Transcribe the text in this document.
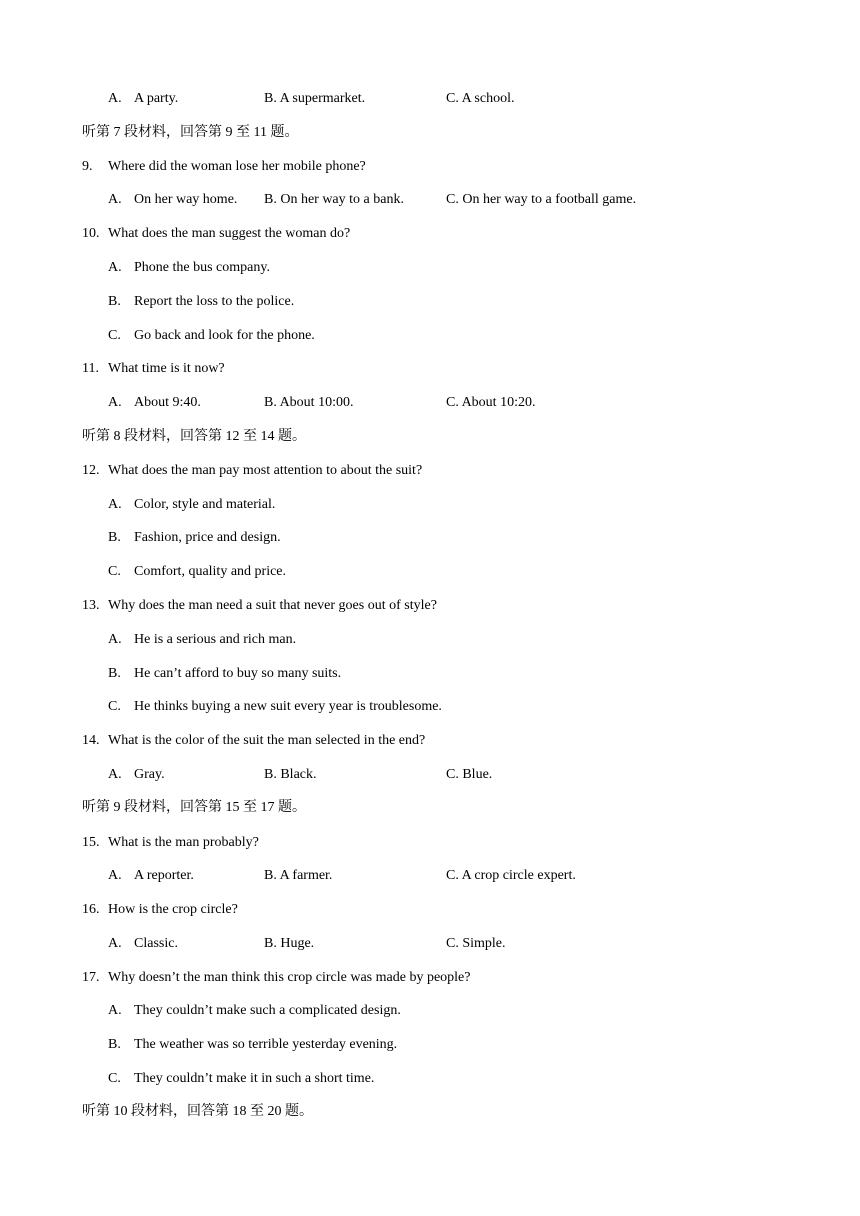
A. A party.	B. A supermarket.	C. A school.
听第 7 段材料，回答第 9 至 11 题。
9. Where did the woman lose her mobile phone?
A. On her way home. B. On her way to a bank.	C. On her way to a football game.
10. What does the man suggest the woman do?
A. Phone the bus company.
B. Report the loss to the police.
C. Go back and look for the phone.
11. What time is it now?
A. About 9:40.	B. About 10:00.	C. About 10:20.
听第 8 段材料，回答第 12 至 14 题。
12. What does the man pay most attention to about the suit?
A. Color, style and material.
B. Fashion, price and design.
C. Comfort, quality and price.
13. Why does the man need a suit that never goes out of style?
A. He is a serious and rich man.
B. He can’t afford to buy so many suits.
C. He thinks buying a new suit every year is troublesome.
14. What is the color of the suit the man selected in the end?
A. Gray.	B. Black.	C. Blue.
听第 9 段材料，回答第 15 至 17 题。
15. What is the man probably?
A. A reporter.	B. A farmer.	C. A crop circle expert.
16. How is the crop circle?
A. Classic.	B. Huge.	C. Simple.
17. Why doesn’t the man think this crop circle was made by people?
A. They couldn’t make such a complicated design.
B. The weather was so terrible yesterday evening.
C. They couldn’t make it in such a short time.
听第 10 段材料，回答第 18 至 20 题。
